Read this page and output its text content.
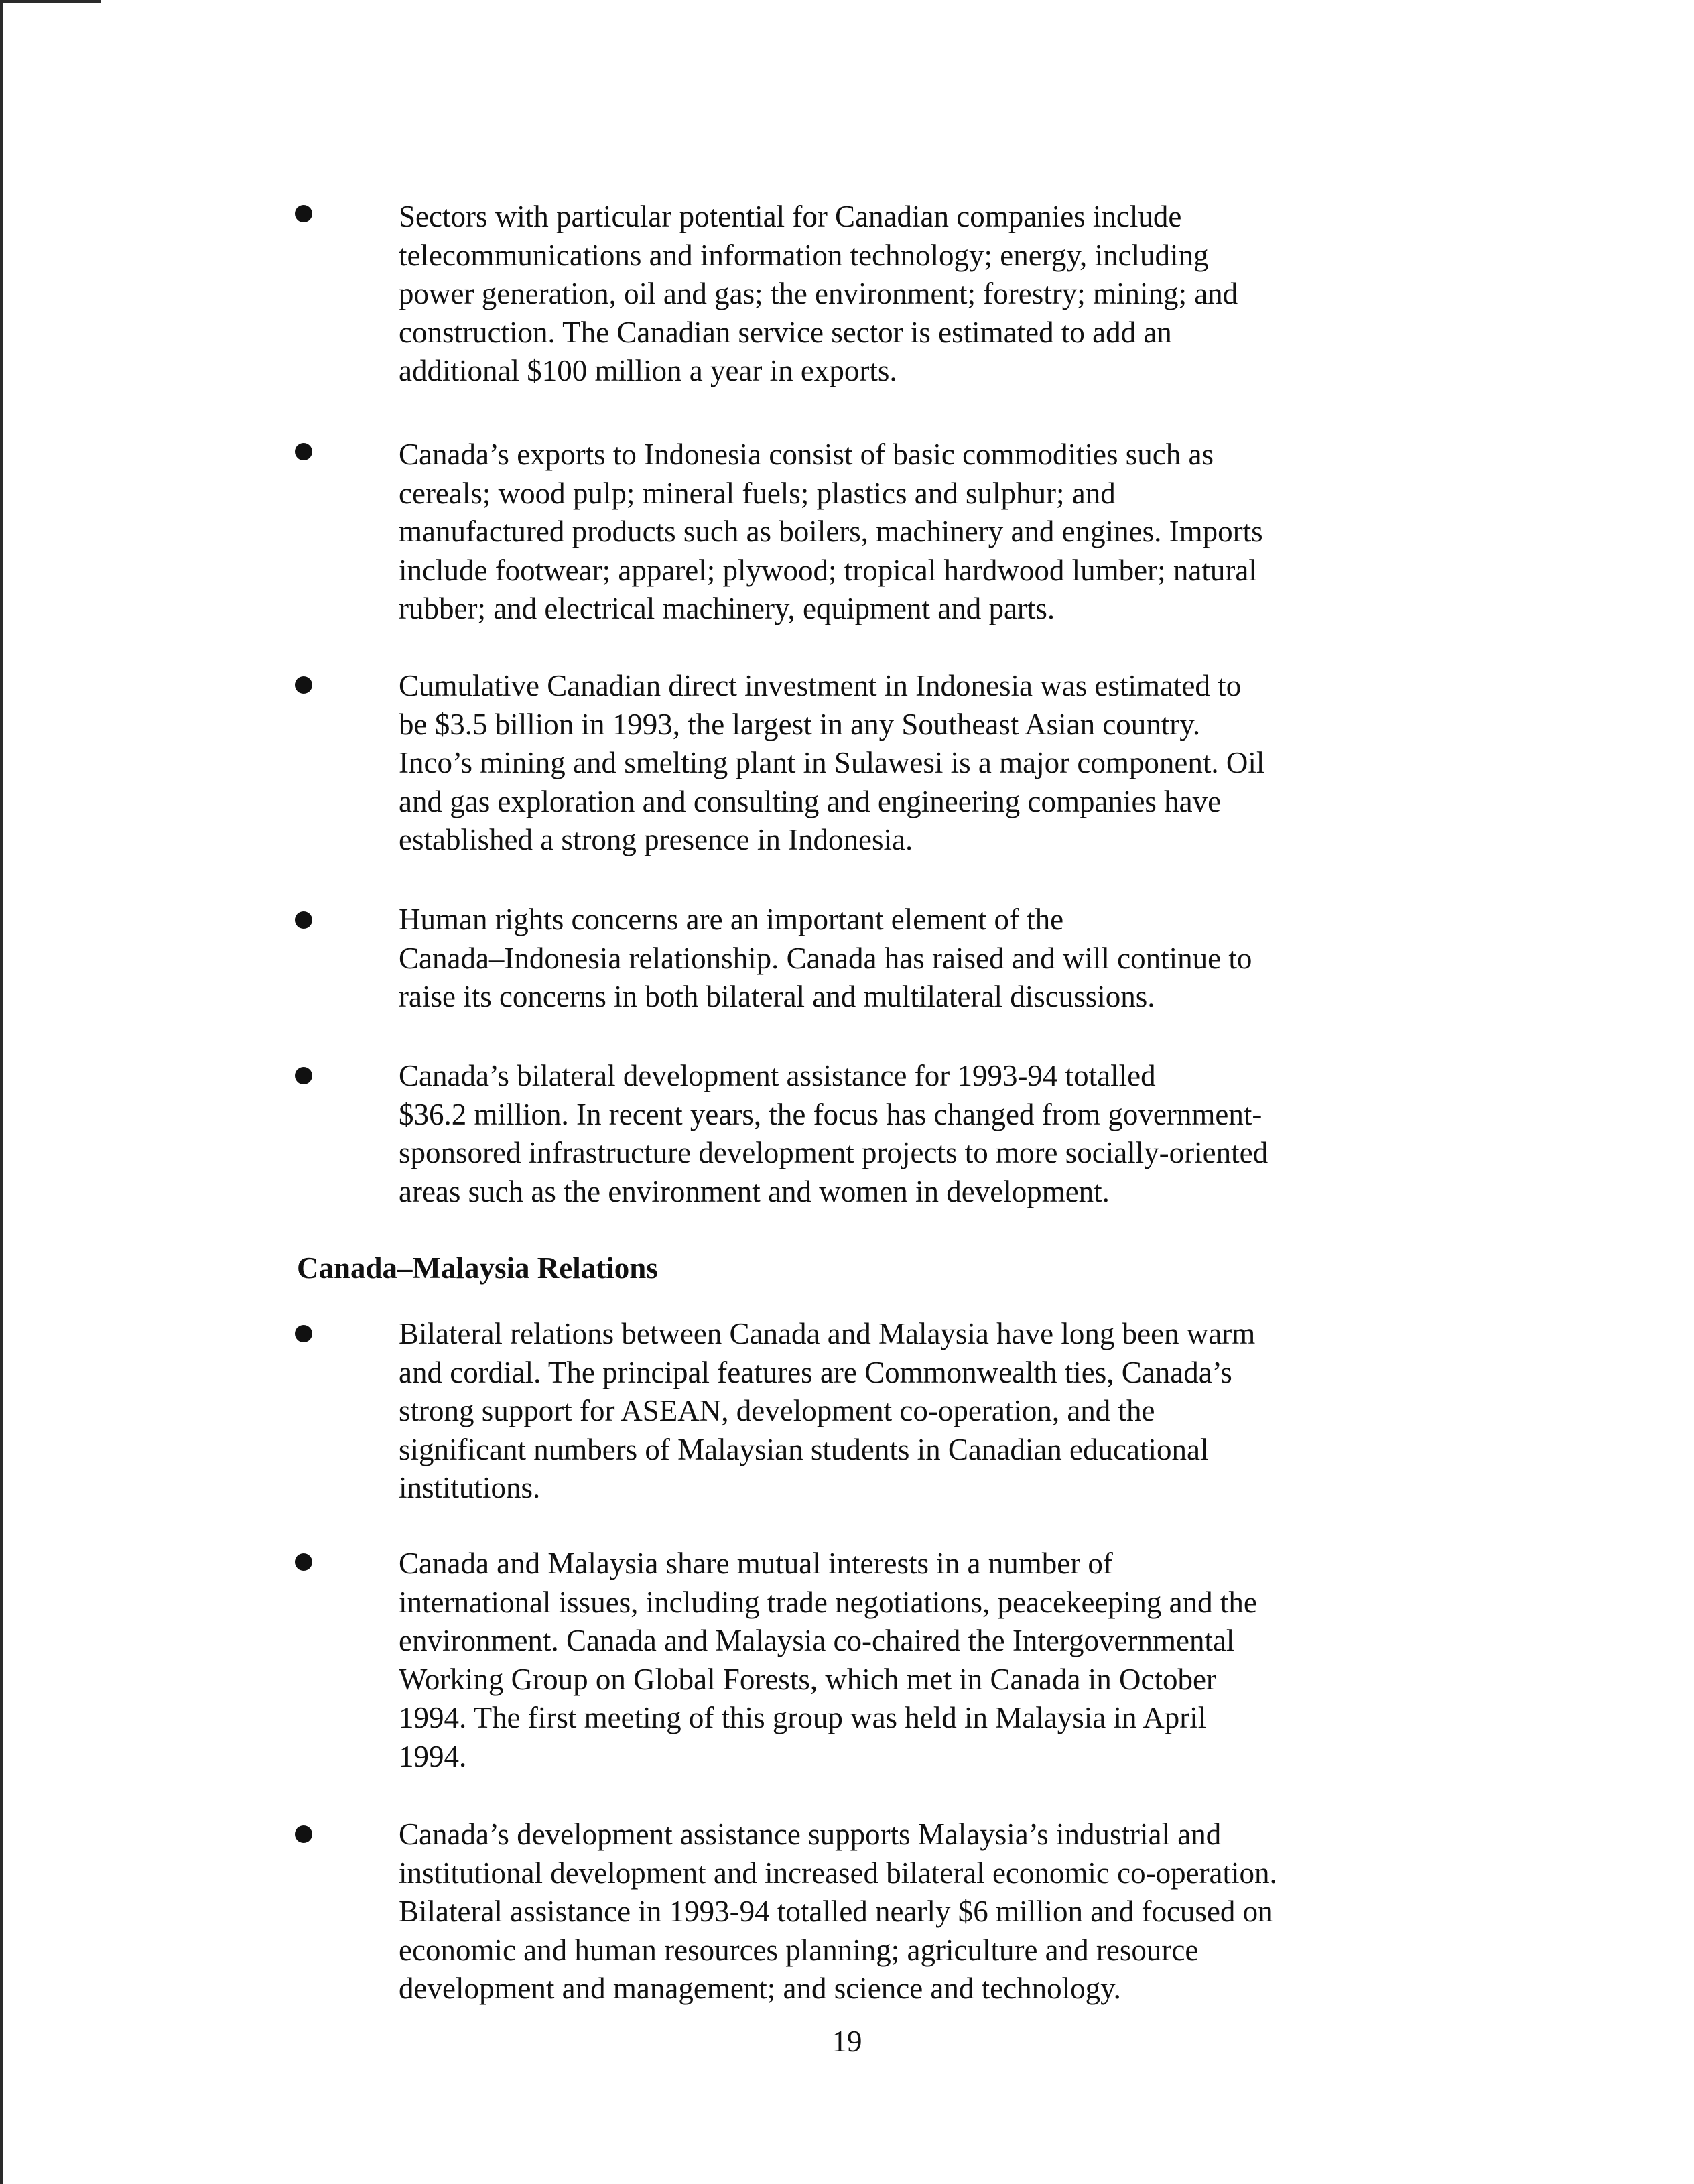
Sectors with particular potential for Canadian companies include
telecommunications and information technology; energy, including
power generation, oil and gas; the environment; forestry; mining; and
construction. The Canadian service sector is estimated to add an
additional $100 million a year in exports.

Canada’s exports to Indonesia consist of basic commodities such as
cereals; wood pulp; mineral fuels; plastics and sulphur; and
manufactured products such as boilers, machinery and engines. Imports
include footwear; apparel; plywood; tropical hardwood lumber; natural
rubber; and electrical machinery, equipment and parts.

Cumulative Canadian direct investment in Indonesia was estimated to
be $3.5 billion in 1993, the largest in any Southeast Asian country.
Inco’s mining and smelting plant in Sulawesi is a major component. Oil
and gas exploration and consulting and engineering companies have
established a strong presence in Indonesia.

Human rights concerns are an important element of the
Canada–Indonesia relationship. Canada has raised and will continue to
raise its concerns in both bilateral and multilateral discussions.

Canada’s bilateral development assistance for 1993-94 totalled
$36.2 million. In recent years, the focus has changed from government-
sponsored infrastructure development projects to more socially-oriented
areas such as the environment and women in development.

Canada–Malaysia Relations

Bilateral relations between Canada and Malaysia have long been warm
and cordial. The principal features are Commonwealth ties, Canada’s
strong support for ASEAN, development co-operation, and the
significant numbers of Malaysian students in Canadian educational
institutions.

Canada and Malaysia share mutual interests in a number of
international issues, including trade negotiations, peacekeeping and the
environment. Canada and Malaysia co-chaired the Intergovernmental
Working Group on Global Forests, which met in Canada in October
1994. The first meeting of this group was held in Malaysia in April
1994.

Canada’s development assistance supports Malaysia’s industrial and
institutional development and increased bilateral economic co-operation.
Bilateral assistance in 1993-94 totalled nearly $6 million and focused on
economic and human resources planning; agriculture and resource
development and management; and science and technology.

19
